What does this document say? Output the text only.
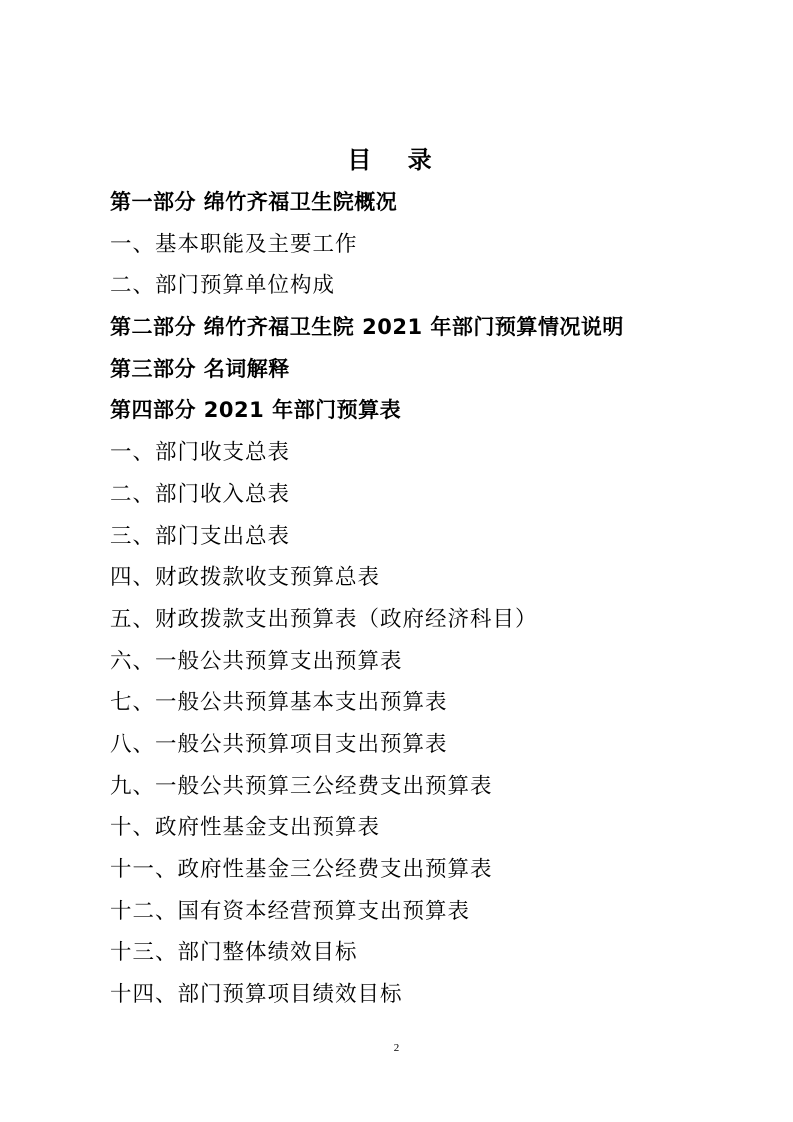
目 录
第一部分 绵竹齐福卫生院概况
一、基本职能及主要工作
二、部门预算单位构成
第二部分 绵竹齐福卫生院 2021 年部门预算情况说明
第三部分 名词解释
第四部分 2021 年部门预算表
一、部门收支总表
二、部门收入总表
三、部门支出总表
四、财政拨款收支预算总表
五、财政拨款支出预算表（政府经济科目）
六、一般公共预算支出预算表
七、一般公共预算基本支出预算表
八、一般公共预算项目支出预算表
九、一般公共预算三公经费支出预算表
十、政府性基金支出预算表
十一、政府性基金三公经费支出预算表
十二、国有资本经营预算支出预算表
十三、部门整体绩效目标
十四、部门预算项目绩效目标
2
